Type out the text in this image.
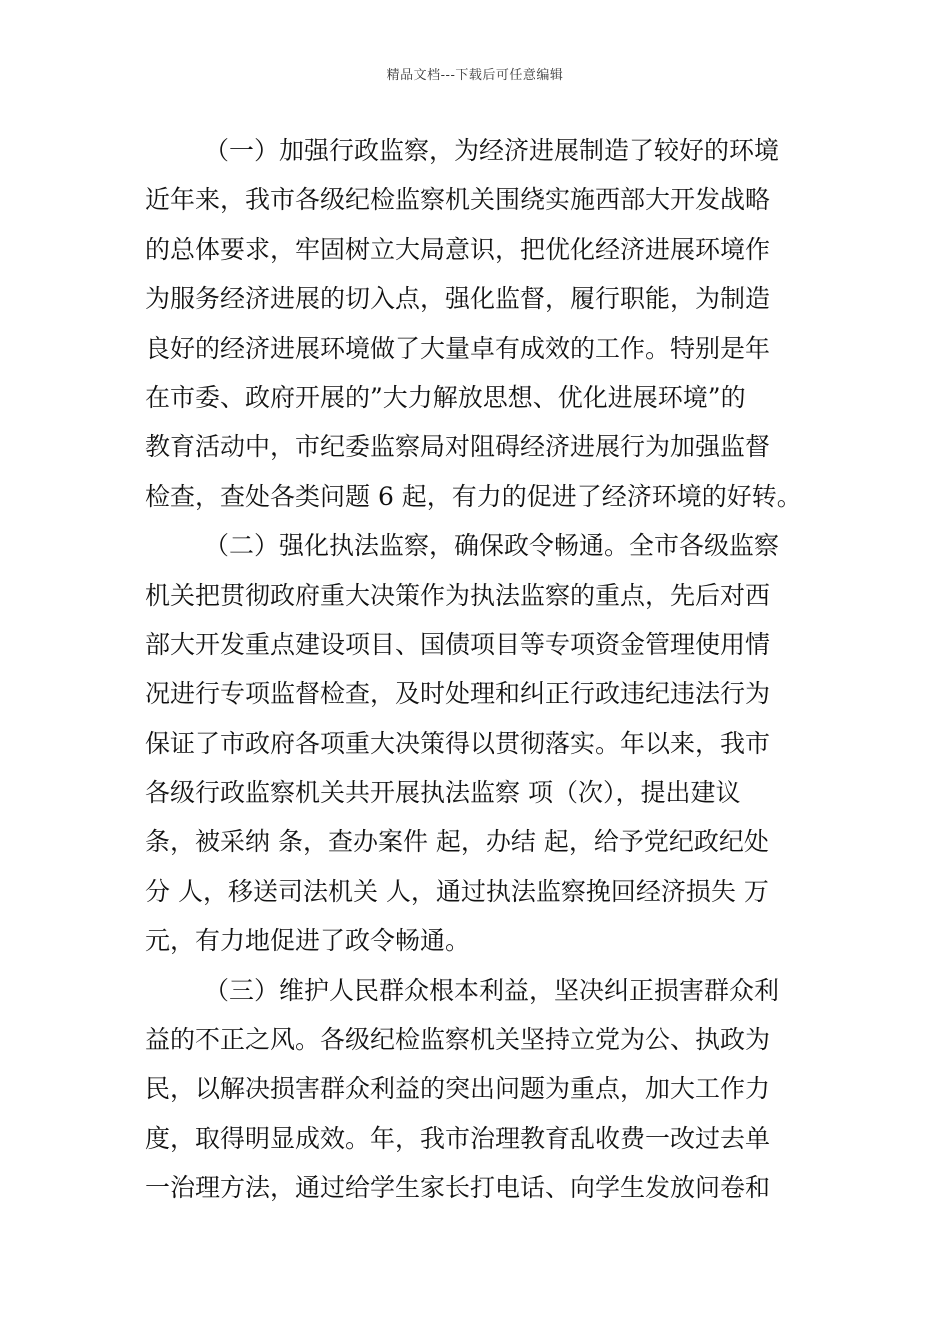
精品文档---下载后可任意编辑
（一）加强行政监察，为经济进展制造了较好的环境
近年来，我市各级纪检监察机关围绕实施西部大开发战略
的总体要求，牢固树立大局意识，把优化经济进展环境作
为服务经济进展的切入点，强化监督，履行职能，为制造
良好的经济进展环境做了大量卓有成效的工作。特别是年
在市委、政府开展的”大力解放思想、优化进展环境”的
教育活动中，市纪委监察局对阻碍经济进展行为加强监督
检查，查处各类问题 6 起，有力的促进了经济环境的好转。
（二）强化执法监察，确保政令畅通。全市各级监察
机关把贯彻政府重大决策作为执法监察的重点，先后对西
部大开发重点建设项目、国债项目等专项资金管理使用情
况进行专项监督检查，及时处理和纠正行政违纪违法行为
保证了市政府各项重大决策得以贯彻落实。年以来，我市
各级行政监察机关共开展执法监察 项（次），提出建议
条，被采纳 条，查办案件 起，办结 起，给予党纪政纪处
分 人，移送司法机关 人，通过执法监察挽回经济损失 万
元，有力地促进了政令畅通。
（三）维护人民群众根本利益，坚决纠正损害群众利
益的不正之风。各级纪检监察机关坚持立党为公、执政为
民，以解决损害群众利益的突出问题为重点，加大工作力
度，取得明显成效。年，我市治理教育乱收费一改过去单
一治理方法，通过给学生家长打电话、向学生发放问卷和
